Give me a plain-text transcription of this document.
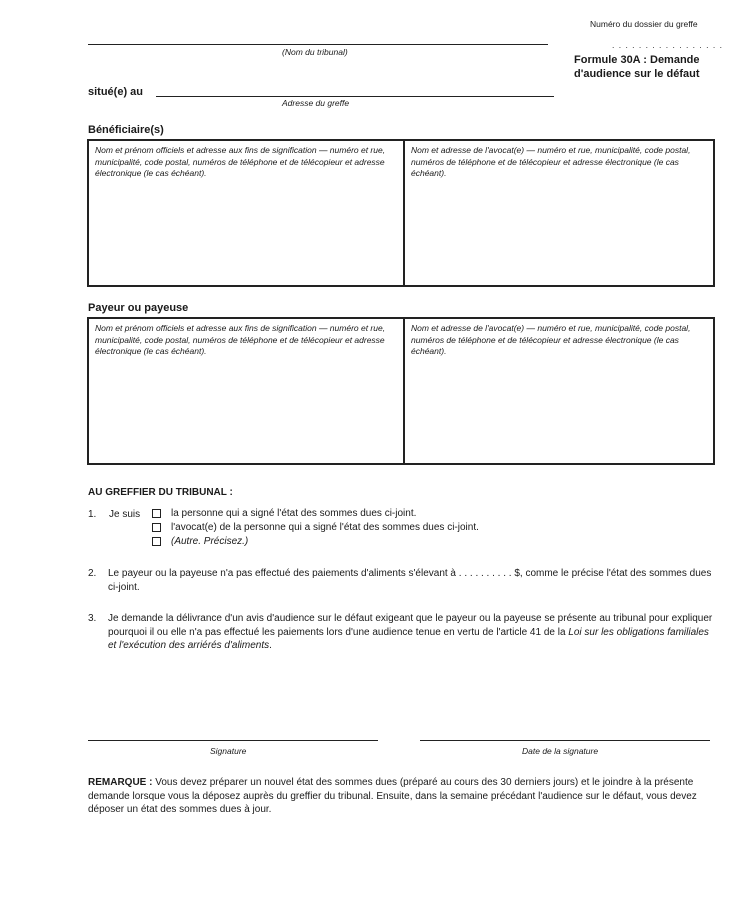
Numéro du dossier du greffe
. . . . . . . . . . . . . . . . .
(Nom du tribunal)
Formule 30A : Demande
d'audience sur le défaut
situé(e) au
Adresse du greffe
Bénéficiaire(s)
Nom et prénom officiels et adresse aux fins de signification — numéro et rue, municipalité, code postal, numéros de téléphone et de télécopieur et adresse électronique (le cas échéant).
Nom et adresse de l'avocat(e) — numéro et rue, municipalité, code postal, numéros de téléphone et de télécopieur et adresse électronique (le cas échéant).
Payeur ou payeuse
Nom et prénom officiels et adresse aux fins de signification — numéro et rue, municipalité, code postal, numéros de téléphone et de télécopieur et adresse électronique (le cas échéant).
Nom et adresse de l'avocat(e) — numéro et rue, municipalité, code postal, numéros de téléphone et de télécopieur et adresse électronique (le cas échéant).
AU GREFFIER DU TRIBUNAL :
1. Je suis	la personne qui a signé l'état des sommes dues ci-joint.
l'avocat(e) de la personne qui a signé l'état des sommes dues ci-joint.
(Autre. Précisez.)
2. Le payeur ou la payeuse n'a pas effectué des paiements d'aliments s'élevant à . . . . . . . . . . $, comme le précise l'état des sommes dues ci-joint.
3. Je demande la délivrance d'un avis d'audience sur le défaut exigeant que le payeur ou la payeuse se présente au tribunal pour expliquer pourquoi il ou elle n'a pas effectué les paiements lors d'une audience tenue en vertu de l'article 41 de la Loi sur les obligations familiales et l'exécution des arriérés d'aliments.
Signature	Date de la signature
REMARQUE : Vous devez préparer un nouvel état des sommes dues (préparé au cours des 30 derniers jours) et le joindre à la présente demande lorsque vous la déposez auprès du greffier du tribunal. Ensuite, dans la semaine précédant l'audience sur le défaut, vous devez déposer un état des sommes dues à jour.
